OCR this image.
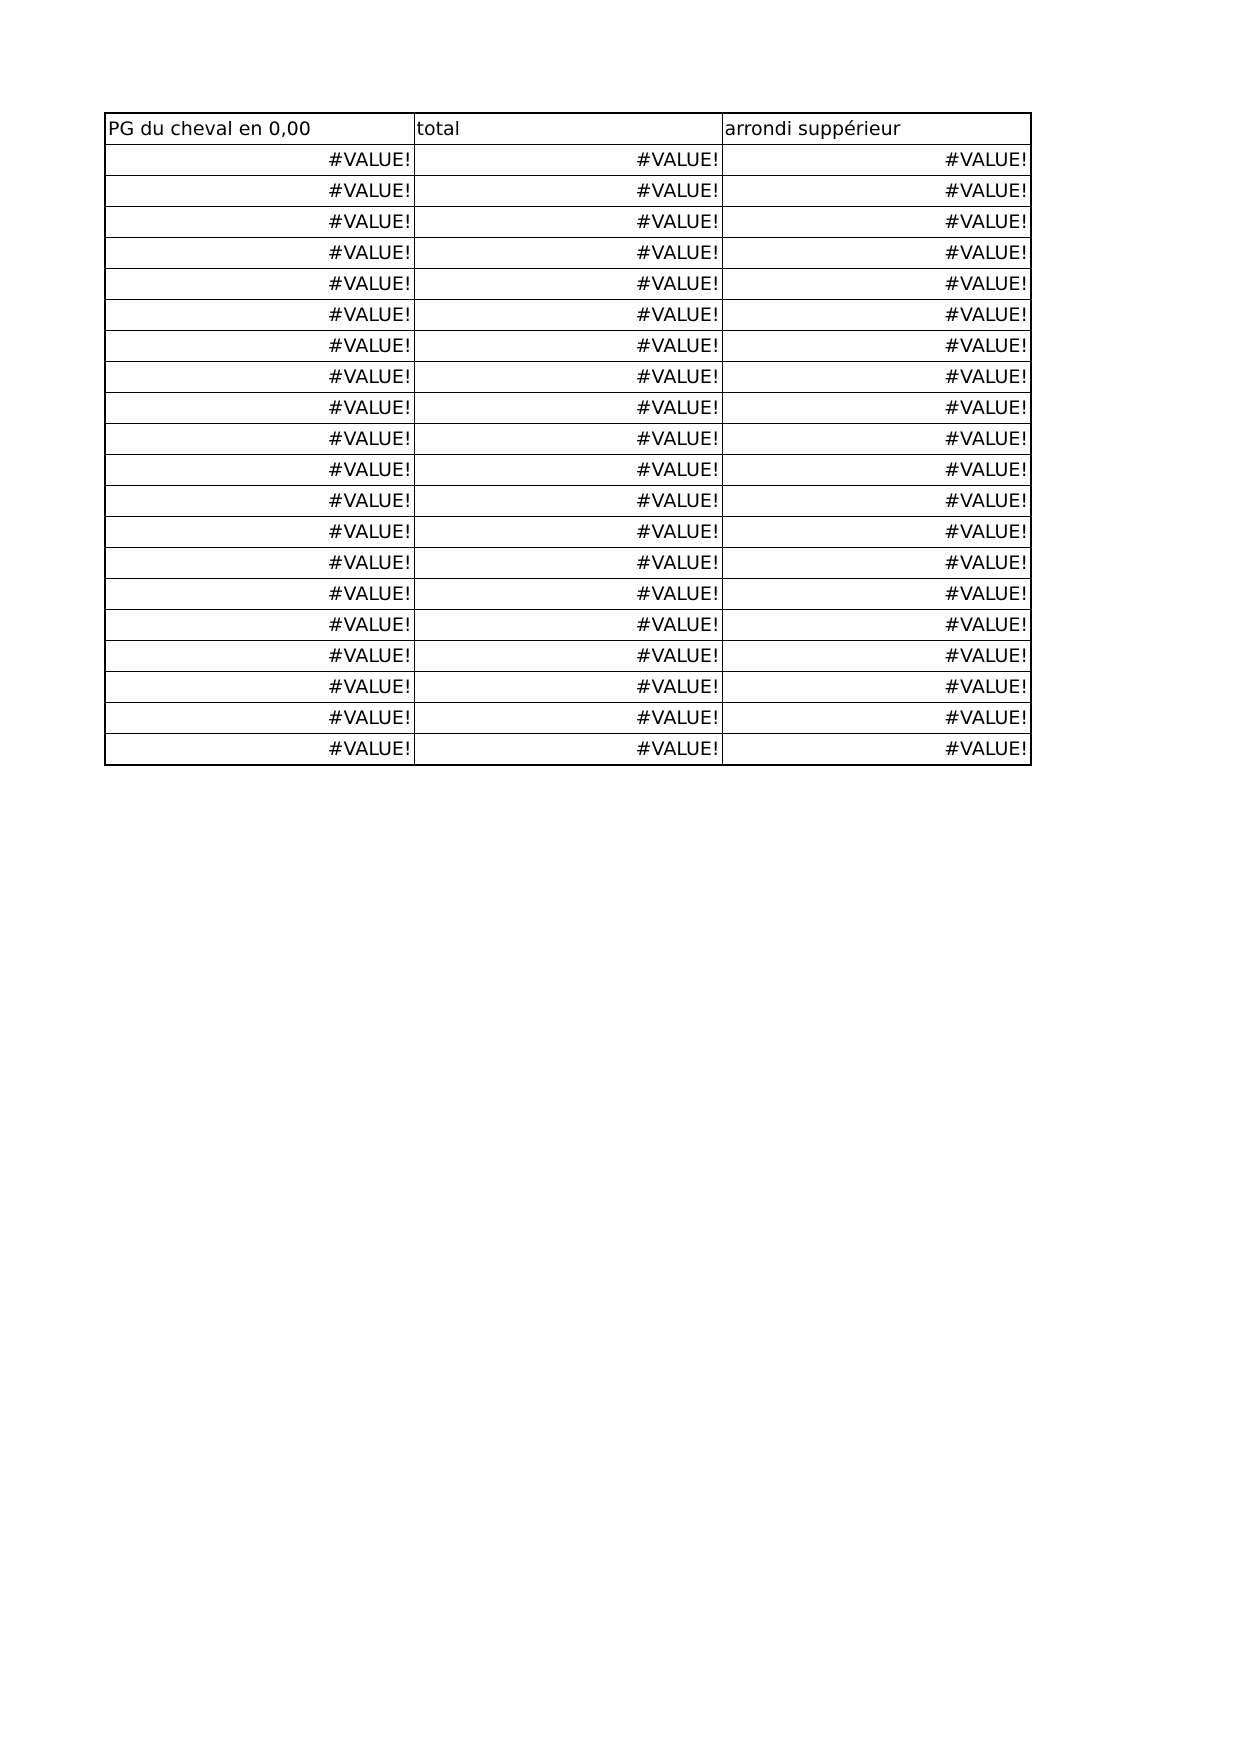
PG du cheval en 0,00	total	arrondi suppérieur
#VALUE!	#VALUE!	#VALUE!
#VALUE!	#VALUE!	#VALUE!
#VALUE!	#VALUE!	#VALUE!
#VALUE!	#VALUE!	#VALUE!
#VALUE!	#VALUE!	#VALUE!
#VALUE!	#VALUE!	#VALUE!
#VALUE!	#VALUE!	#VALUE!
#VALUE!	#VALUE!	#VALUE!
#VALUE!	#VALUE!	#VALUE!
#VALUE!	#VALUE!	#VALUE!
#VALUE!	#VALUE!	#VALUE!
#VALUE!	#VALUE!	#VALUE!
#VALUE!	#VALUE!	#VALUE!
#VALUE!	#VALUE!	#VALUE!
#VALUE!	#VALUE!	#VALUE!
#VALUE!	#VALUE!	#VALUE!
#VALUE!	#VALUE!	#VALUE!
#VALUE!	#VALUE!	#VALUE!
#VALUE!	#VALUE!	#VALUE!
#VALUE!	#VALUE!	#VALUE!
